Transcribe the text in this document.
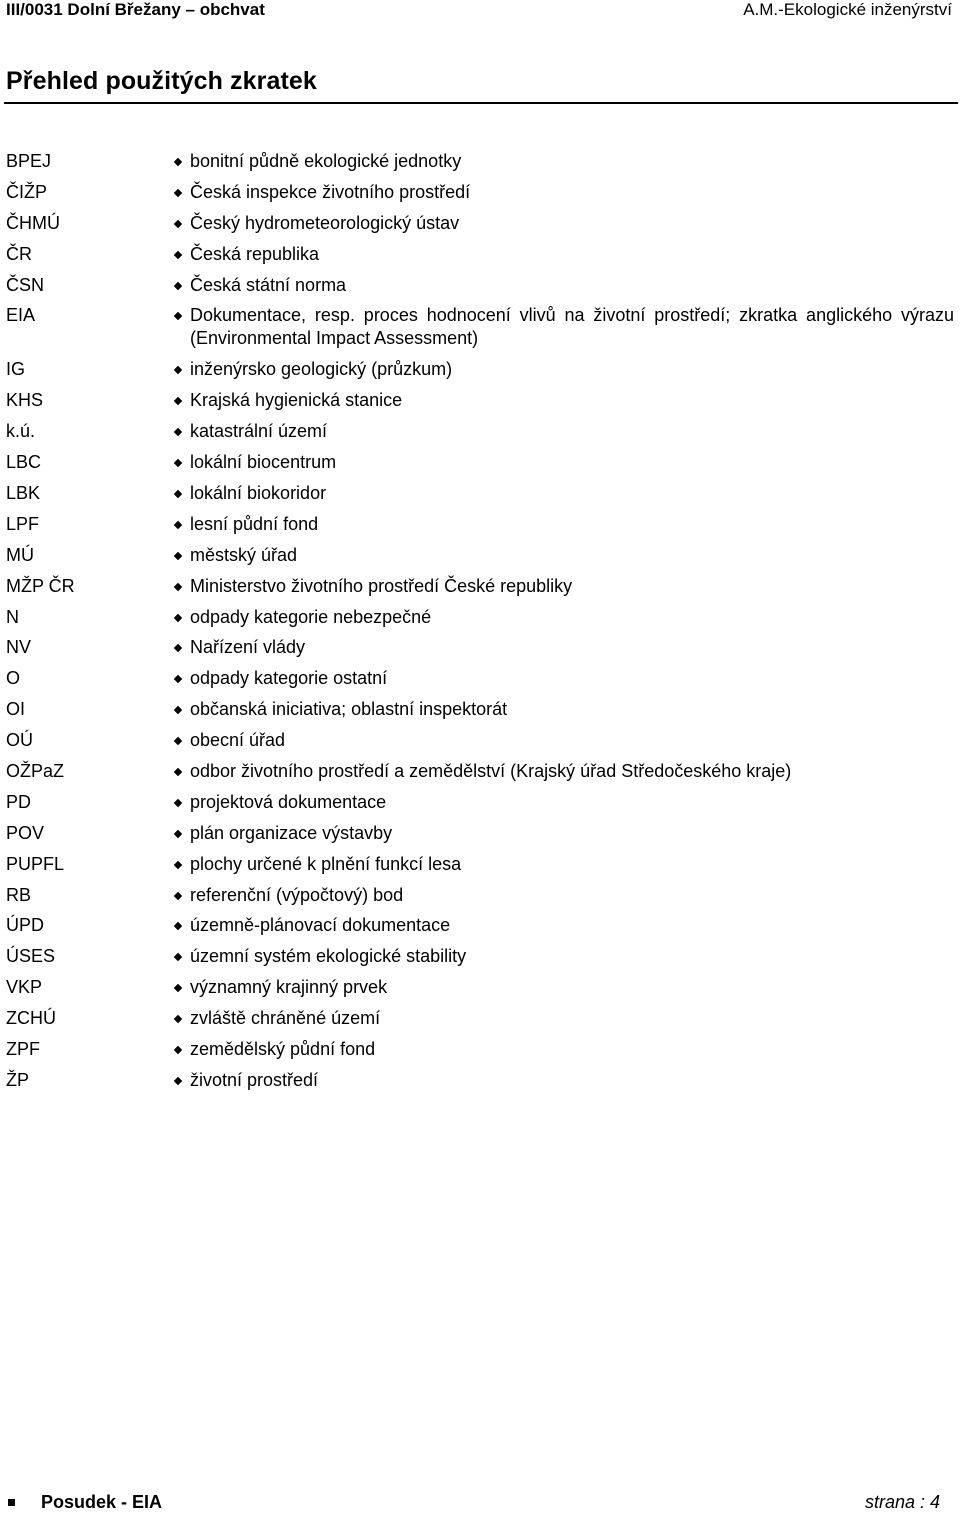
III/0031 Dolní Břežany – obchvat	A.M.-Ekologické inženýrství
Přehled použitých zkratek
BPEJ	bonitní půdně ekologické jednotky
ČIŽP	Česká inspekce životního prostředí
ČHMÚ	Český hydrometeorologický ústav
ČR	Česká republika
ČSN	Česká státní norma
EIA	Dokumentace, resp. proces hodnocení vlivů na životní prostředí; zkratka anglického výrazu (Environmental Impact Assessment)
IG	inženýrsko geologický (průzkum)
KHS	Krajská hygienická stanice
k.ú.	katastrální území
LBC	lokální biocentrum
LBK	lokální biokoridor
LPF	lesní půdní fond
MÚ	městský úřad
MŽP ČR	Ministerstvo životního prostředí České republiky
N	odpady kategorie nebezpečné
NV	Nařízení vlády
O	odpady kategorie ostatní
OI	občanská iniciativa; oblastní inspektorát
OÚ	obecní úřad
OŽPaZ	odbor životního prostředí a zemědělství (Krajský úřad Středočeského kraje)
PD	projektová dokumentace
POV	plán organizace výstavby
PUPFL	plochy určené k plnění funkcí lesa
RB	referenční (výpočtový) bod
ÚPD	územně-plánovací dokumentace
ÚSES	územní systém ekologické stability
VKP	významný krajinný prvek
ZCHÚ	zvláště chráněné území
ZPF	zemědělský půdní fond
ŽP	životní prostředí
Posudek - EIA	strana : 4
